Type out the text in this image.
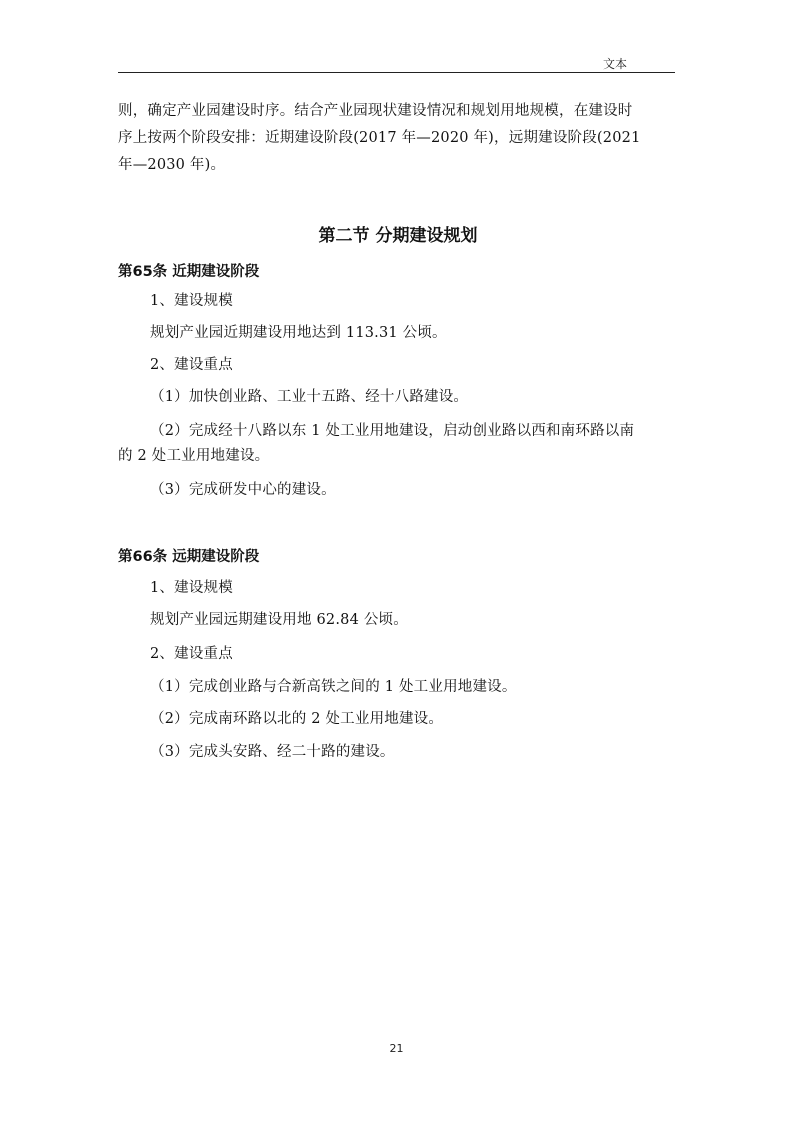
文本

则，确定产业园建设时序。结合产业园现状建设情况和规划用地规模，在建设时

序上按两个阶段安排：近期建设阶段(2017 年—2020 年)，远期建设阶段(2021

年—2030 年)。

第二节 分期建设规划
第65条 近期建设阶段

1、建设规模

规划产业园近期建设用地达到 113.31 公顷。

2、建设重点

（1）加快创业路、工业十五路、经十八路建设。

（2）完成经十八路以东 1 处工业用地建设，启动创业路以西和南环路以南

的 2 处工业用地建设。

（3）完成研发中心的建设。

第66条 远期建设阶段

1、建设规模

规划产业园远期建设用地 62.84 公顷。

2、建设重点

（1）完成创业路与合新高铁之间的 1 处工业用地建设。

（2）完成南环路以北的 2 处工业用地建设。

（3）完成头安路、经二十路的建设。

21
